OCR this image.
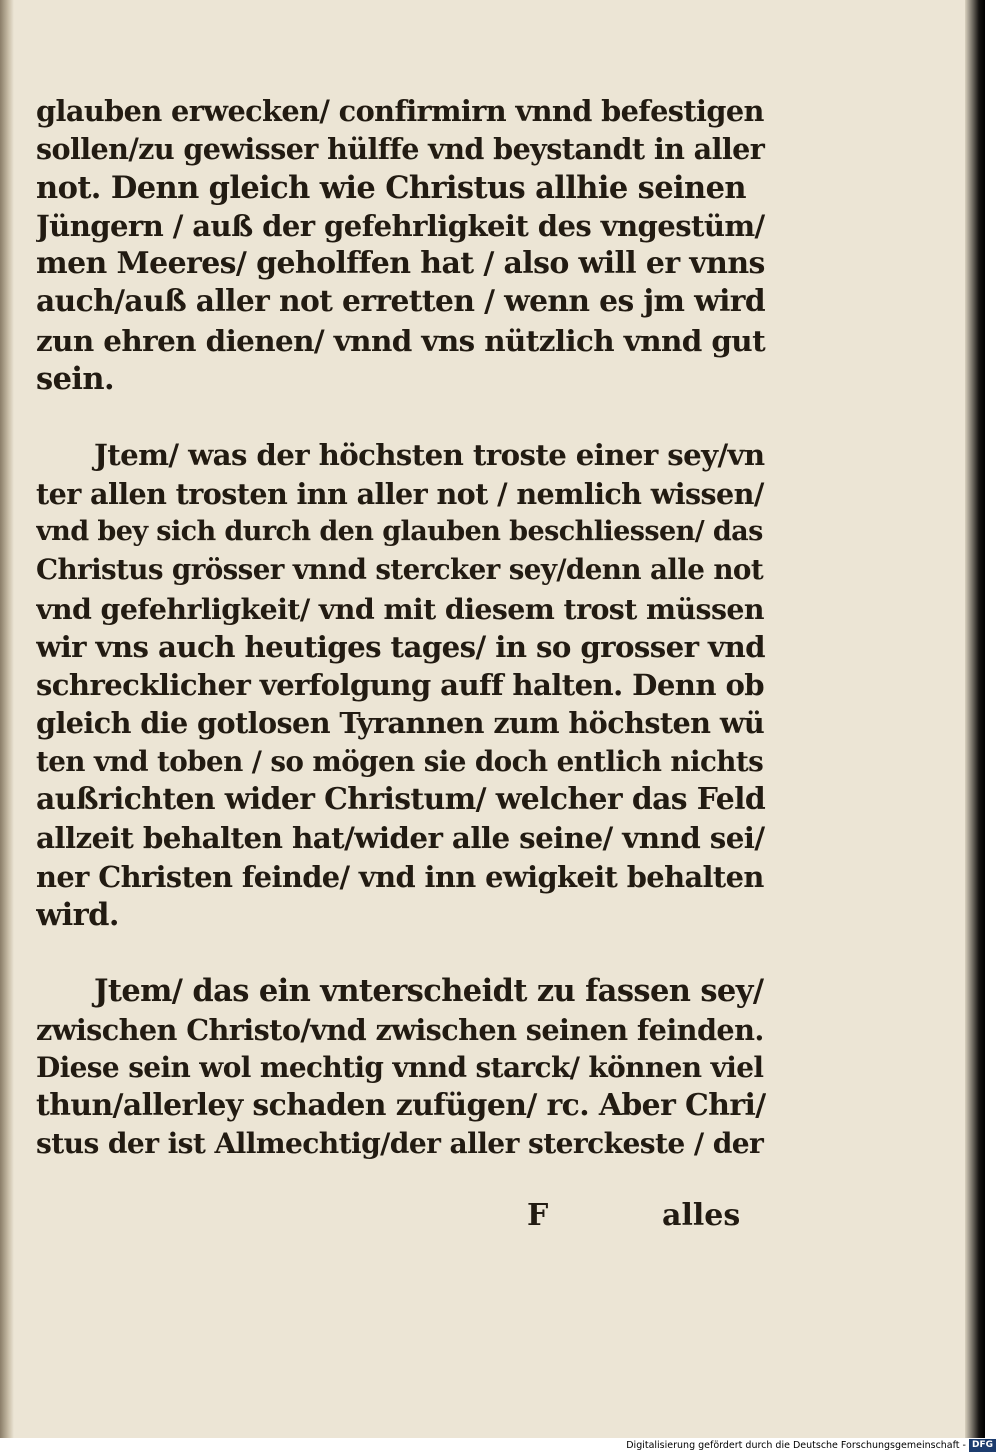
glauben erwecken/ confirmirn vnnd befestigen
sollen/zu gewisser hülffe vnd beystandt in aller
not. Denn gleich wie Christus allhie seinen
Jüngern / auß der gefehrligkeit des vngestüm/
men Meeres/ geholffen hat / also will er vnns
auch/auß aller not erretten / wenn es jm wird
zun ehren dienen/ vnnd vns nützlich vnnd gut
sein.
Jtem/ was der höchsten troste einer sey/vn
ter allen trosten inn aller not / nemlich wissen/
vnd bey sich durch den glauben beschliessen/ das
Christus grösser vnnd stercker sey/denn alle not
vnd gefehrligkeit/ vnd mit diesem trost müssen
wir vns auch heutiges tages/ in so grosser vnd
schrecklicher verfolgung auff halten. Denn ob
gleich die gotlosen Tyrannen zum höchsten wü
ten vnd toben / so mögen sie doch entlich nichts
außrichten wider Christum/ welcher das Feld
allzeit behalten hat/wider alle seine/ vnnd sei/
ner Christen feinde/ vnd inn ewigkeit behalten
wird.
Jtem/ das ein vnterscheidt zu fassen sey/
zwischen Christo/vnd zwischen seinen feinden.
Diese sein wol mechtig vnnd starck/ können viel
thun/allerley schaden zufügen/ rc. Aber Chri/
stus der ist Allmechtig/der aller sterckeste / der
F	alles
Digitalisierung gefördert durch die Deutsche Forschungsgemeinschaft - DFG
